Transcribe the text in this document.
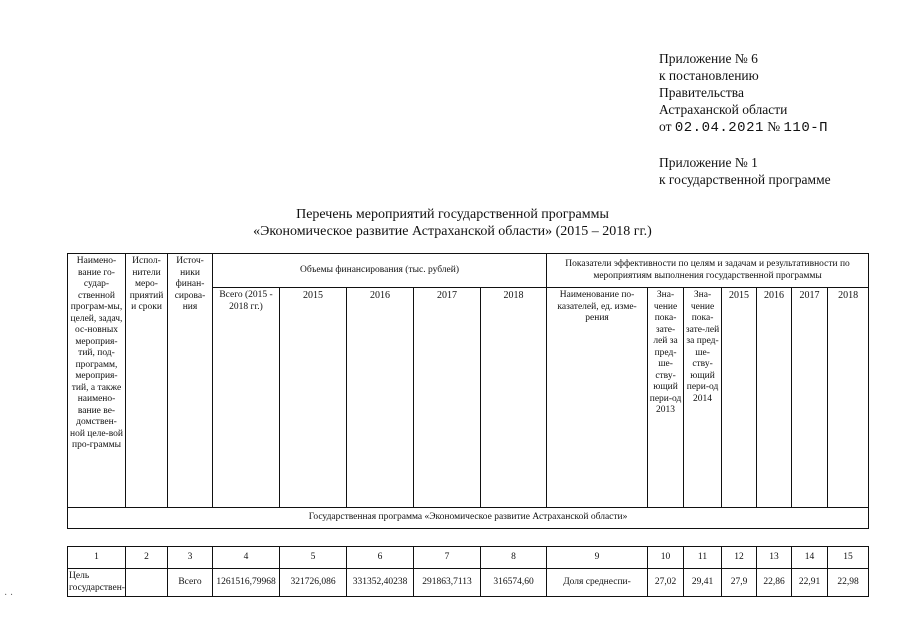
Приложение № 6
к постановлению
Правительства
Астраханской области
от 02.04.2021 № 110-П
Приложение № 1
к государственной программе
Перечень мероприятий государственной программы
«Экономическое развитие Астраханской области» (2015 – 2018 гг.)
Наимено-вание го-судар-ственной програм-мы, целей, задач, ос-новных мероприя-тий, под-программ, мероприя-тий, а также наимено-вание ве-домствен-ной целе-вой про-граммы	Испол-нители меро-приятий и сроки	Источ-ники финан-сирова-ния	Объемы финансирования (тыс. рублей)					Показатели эффективности по целям и задачам и результативности по мероприятиям выполнения государственной программы						
			Всего (2015 - 2018 гг.)	2015	2016	2017	2018	Наименование по-казателей, ед. изме-рения	Зна-чение пока-зате-лей за пред-ше-ству-ющий пери-од 2013	Зна-чение пока-зате-лей за пред-ше-ству-ющий пери-од 2014	2015	2016	2017	2018
Государственная программа «Экономическое развитие Астраханской области»														
1	2	3	4	5	6	7	8	9	10	11	12	13	14	15
Цель государствен-		Всего	1261516,79968	321726,086	331352,40238	291863,7113	316574,60	Доля среднеспи-	27,02	29,41	27,9	22,86	22,91	22,98
· ·
